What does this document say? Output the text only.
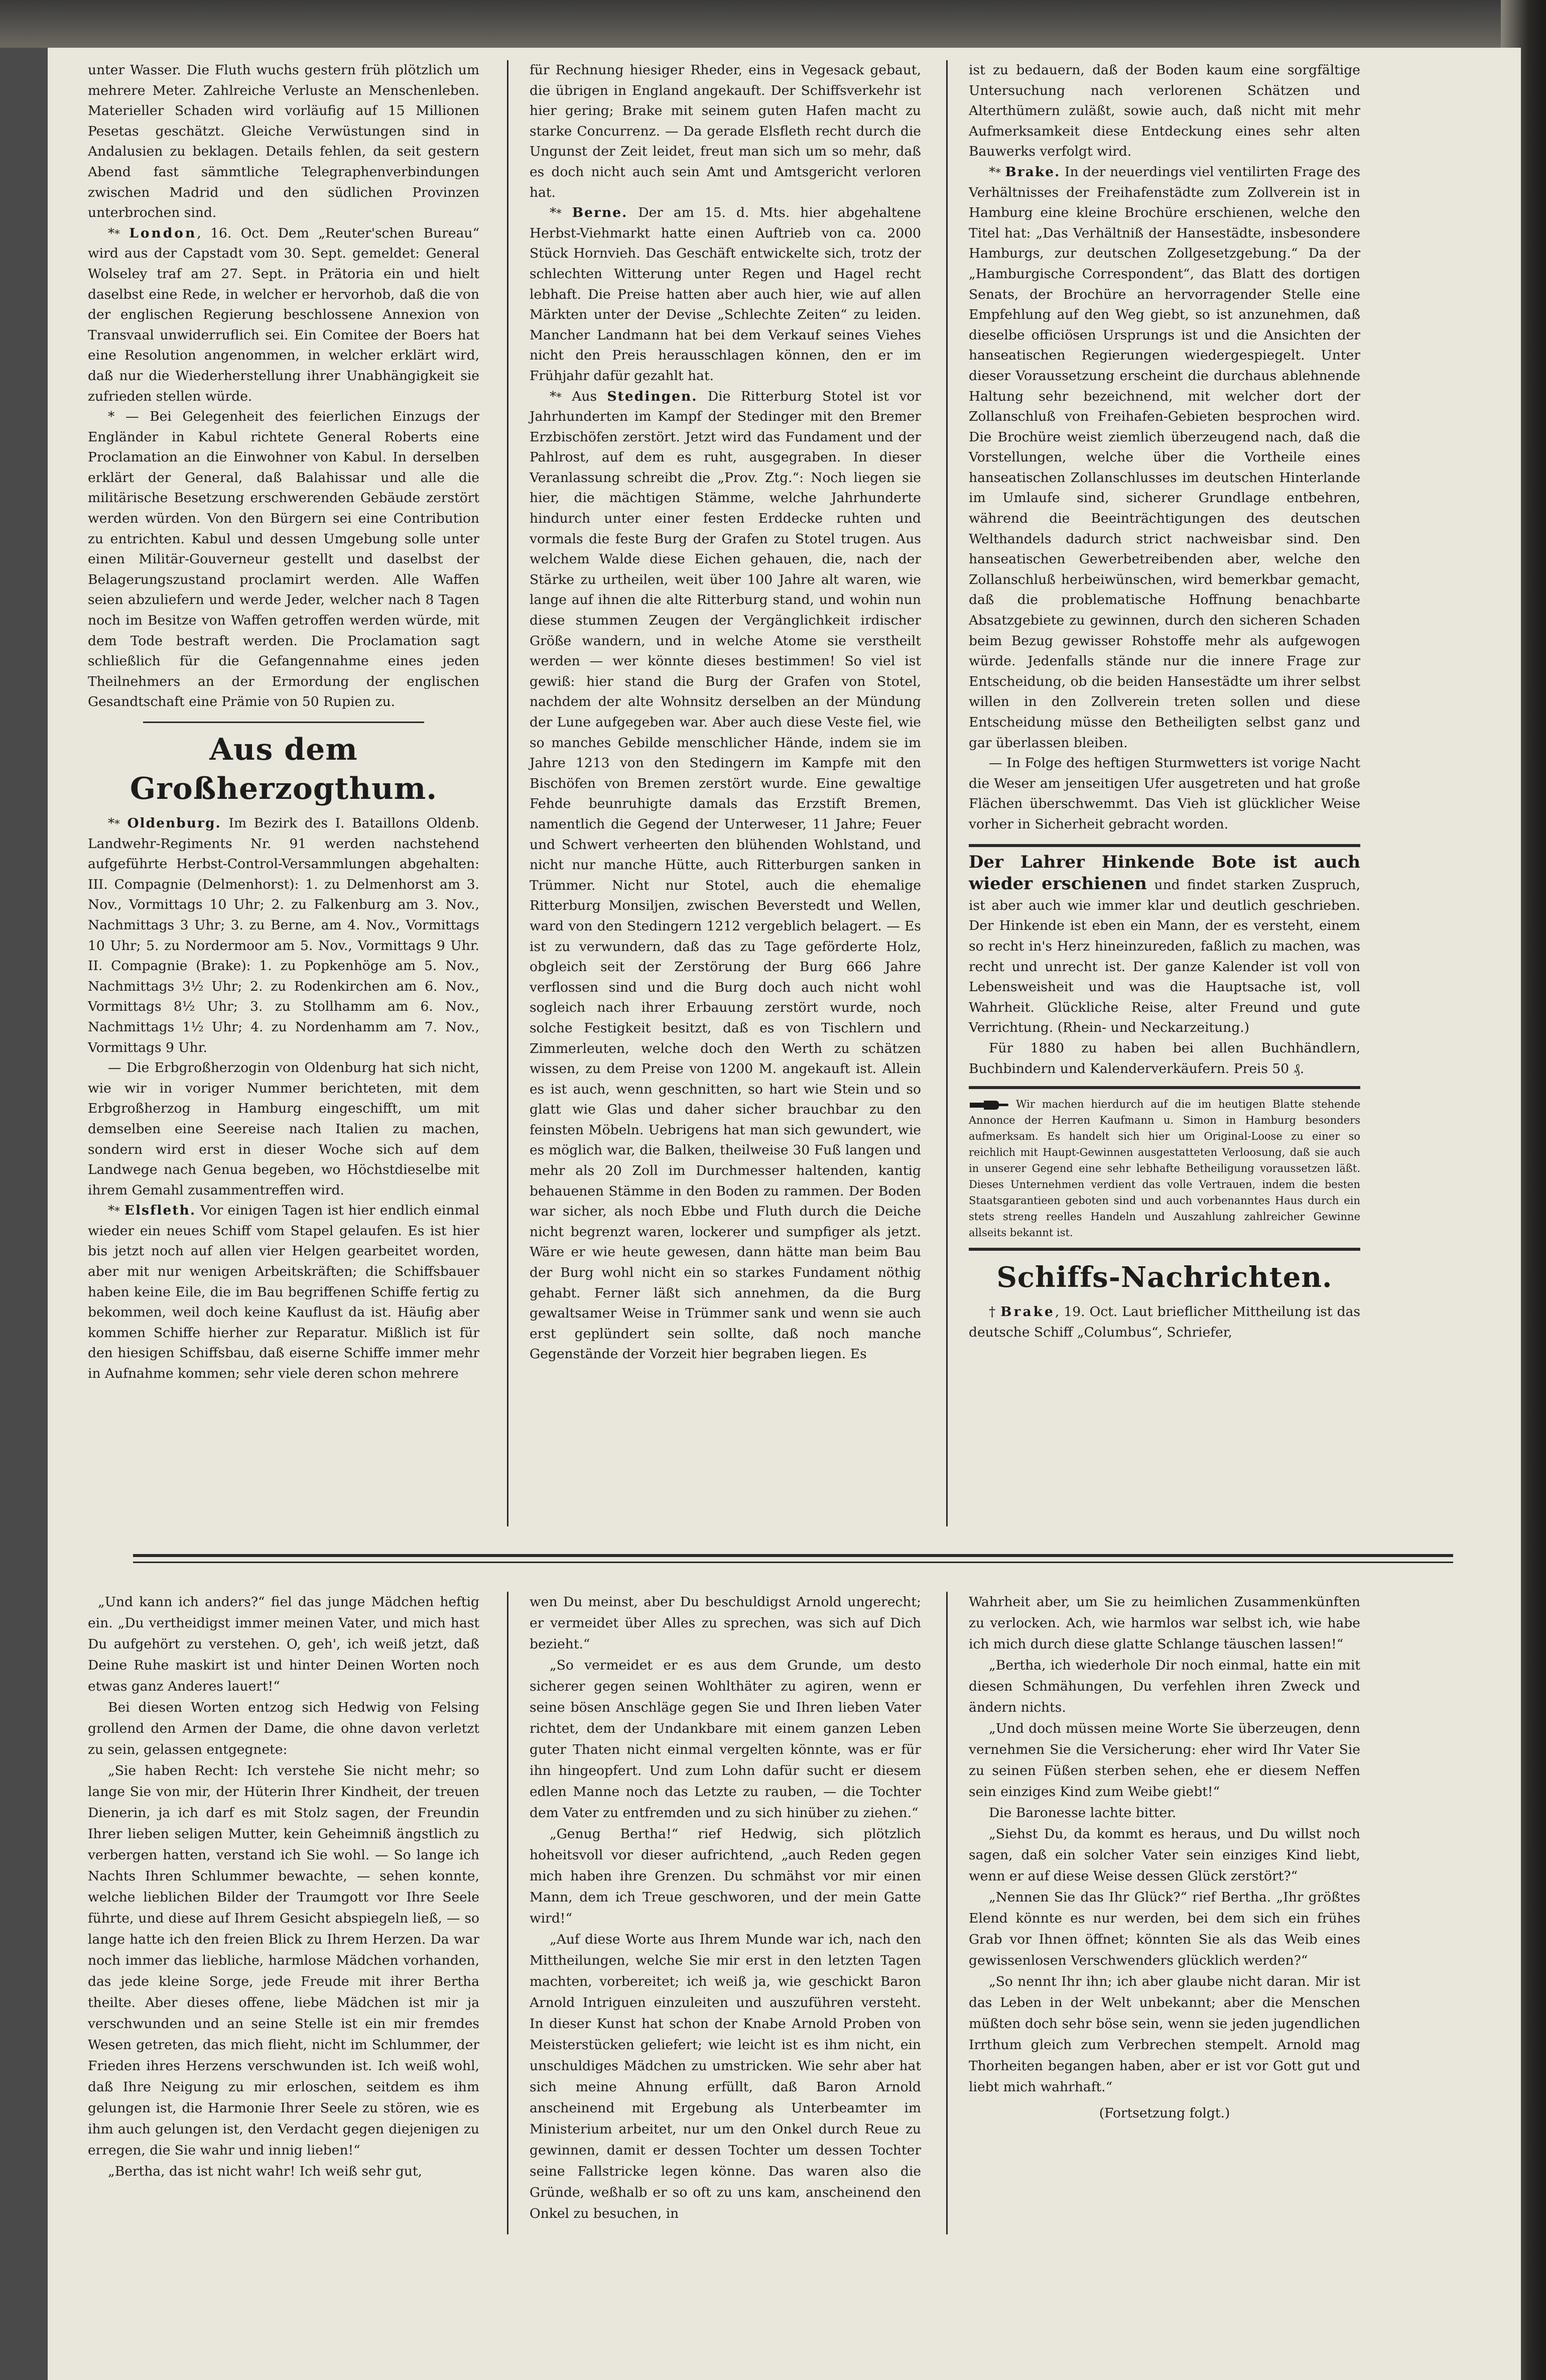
unter Wasser. Die Fluth wuchs gestern früh plötzlich um mehrere Meter. Zahlreiche Verluste an Menschenleben. Materieller Schaden wird vorläufig auf 15 Millionen Pesetas geschätzt. Gleiche Verwüstungen sind in Andalusien zu beklagen. Details fehlen, da seit gestern Abend fast sämmtliche Telegraphenverbindungen zwischen Madrid und den südlichen Provinzen unterbrochen sind.

** London, 16. Oct. Dem „Reuter'schen Bureau“ wird aus der Capstadt vom 30. Sept. gemeldet: General Wolseley traf am 27. Sept. in Prätoria ein und hielt daselbst eine Rede, in welcher er hervorhob, daß die von der englischen Regierung beschlossene Annexion von Transvaal unwiderruflich sei. Ein Comitee der Boers hat eine Resolution angenommen, in welcher erklärt wird, daß nur die Wiederherstellung ihrer Unabhängigkeit sie zufrieden stellen würde.

* — Bei Gelegenheit des feierlichen Einzugs der Engländer in Kabul richtete General Roberts eine Proclamation an die Einwohner von Kabul. In derselben erklärt der General, daß Balahissar und alle die militärische Besetzung erschwerenden Gebäude zerstört werden würden. Von den Bürgern sei eine Contribution zu entrichten. Kabul und dessen Umgebung solle unter einen Militär-Gouverneur gestellt und daselbst der Belagerungszustand proclamirt werden. Alle Waffen seien abzuliefern und werde Jeder, welcher nach 8 Tagen noch im Besitze von Waffen getroffen werden würde, mit dem Tode bestraft werden. Die Proclamation sagt schließlich für die Gefangennahme eines jeden Theilnehmers an der Ermordung der englischen Gesandtschaft eine Prämie von 50 Rupien zu.

Aus dem Großherzogthum.

** Oldenburg. Im Bezirk des I. Bataillons Oldenb. Landwehr-Regiments Nr. 91 werden nachstehend aufgeführte Herbst-Control-Versammlungen abgehalten: III. Compagnie (Delmenhorst): 1. zu Delmenhorst am 3. Nov., Vormittags 10 Uhr; 2. zu Falkenburg am 3. Nov., Nachmittags 3 Uhr; 3. zu Berne, am 4. Nov., Vormittags 10 Uhr; 5. zu Nordermoor am 5. Nov., Vormittags 9 Uhr. II. Compagnie (Brake): 1. zu Popkenhöge am 5. Nov., Nachmittags 3½ Uhr; 2. zu Rodenkirchen am 6. Nov., Vormittags 8½ Uhr; 3. zu Stollhamm am 6. Nov., Nachmittags 1½ Uhr; 4. zu Nordenhamm am 7. Nov., Vormittags 9 Uhr.

— Die Erbgroßherzogin von Oldenburg hat sich nicht, wie wir in voriger Nummer berichteten, mit dem Erbgroßherzog in Hamburg eingeschifft, um mit demselben eine Seereise nach Italien zu machen, sondern wird erst in dieser Woche sich auf dem Landwege nach Genua begeben, wo Höchstdieselbe mit ihrem Gemahl zusammentreffen wird.

** Elsfleth. Vor einigen Tagen ist hier endlich einmal wieder ein neues Schiff vom Stapel gelaufen. Es ist hier bis jetzt noch auf allen vier Helgen gearbeitet worden, aber mit nur wenigen Arbeitskräften; die Schiffsbauer haben keine Eile, die im Bau begriffenen Schiffe fertig zu bekommen, weil doch keine Kauflust da ist. Häufig aber kommen Schiffe hierher zur Reparatur. Mißlich ist für den hiesigen Schiffsbau, daß eiserne Schiffe immer mehr in Aufnahme kommen; sehr viele deren schon mehrere

für Rechnung hiesiger Rheder, eins in Vegesack gebaut, die übrigen in England angekauft. Der Schiffsverkehr ist hier gering; Brake mit seinem guten Hafen macht zu starke Concurrenz. — Da gerade Elsfleth recht durch die Ungunst der Zeit leidet, freut man sich um so mehr, daß es doch nicht auch sein Amt und Amtsgericht verloren hat.

** Berne. Der am 15. d. Mts. hier abgehaltene Herbst-Viehmarkt hatte einen Auftrieb von ca. 2000 Stück Hornvieh. Das Geschäft entwickelte sich, trotz der schlechten Witterung unter Regen und Hagel recht lebhaft. Die Preise hatten aber auch hier, wie auf allen Märkten unter der Devise „Schlechte Zeiten“ zu leiden. Mancher Landmann hat bei dem Verkauf seines Viehes nicht den Preis herausschlagen können, den er im Frühjahr dafür gezahlt hat.

** Aus Stedingen. Die Ritterburg Stotel ist vor Jahrhunderten im Kampf der Stedinger mit den Bremer Erzbischöfen zerstört. Jetzt wird das Fundament und der Pahlrost, auf dem es ruht, ausgegraben. In dieser Veranlassung schreibt die „Prov. Ztg.“: Noch liegen sie hier, die mächtigen Stämme, welche Jahrhunderte hindurch unter einer festen Erddecke ruhten und vormals die feste Burg der Grafen zu Stotel trugen. Aus welchem Walde diese Eichen gehauen, die, nach der Stärke zu urtheilen, weit über 100 Jahre alt waren, wie lange auf ihnen die alte Ritterburg stand, und wohin nun diese stummen Zeugen der Vergänglichkeit irdischer Größe wandern, und in welche Atome sie verstheilt werden — wer könnte dieses bestimmen! So viel ist gewiß: hier stand die Burg der Grafen von Stotel, nachdem der alte Wohnsitz derselben an der Mündung der Lune aufgegeben war. Aber auch diese Veste fiel, wie so manches Gebilde menschlicher Hände, indem sie im Jahre 1213 von den Stedingern im Kampfe mit den Bischöfen von Bremen zerstört wurde. Eine gewaltige Fehde beunruhigte damals das Erzstift Bremen, namentlich die Gegend der Unterweser, 11 Jahre; Feuer und Schwert verheerten den blühenden Wohlstand, und nicht nur manche Hütte, auch Ritterburgen sanken in Trümmer. Nicht nur Stotel, auch die ehemalige Ritterburg Monsiljen, zwischen Beverstedt und Wellen, ward von den Stedingern 1212 vergeblich belagert. — Es ist zu verwundern, daß das zu Tage geförderte Holz, obgleich seit der Zerstörung der Burg 666 Jahre verflossen sind und die Burg doch auch nicht wohl sogleich nach ihrer Erbauung zerstört wurde, noch solche Festigkeit besitzt, daß es von Tischlern und Zimmerleuten, welche doch den Werth zu schätzen wissen, zu dem Preise von 1200 M. angekauft ist. Allein es ist auch, wenn geschnitten, so hart wie Stein und so glatt wie Glas und daher sicher brauchbar zu den feinsten Möbeln. Uebrigens hat man sich gewundert, wie es möglich war, die Balken, theilweise 30 Fuß langen und mehr als 20 Zoll im Durchmesser haltenden, kantig behauenen Stämme in den Boden zu rammen. Der Boden war sicher, als noch Ebbe und Fluth durch die Deiche nicht begrenzt waren, lockerer und sumpfiger als jetzt. Wäre er wie heute gewesen, dann hätte man beim Bau der Burg wohl nicht ein so starkes Fundament nöthig gehabt. Ferner läßt sich annehmen, da die Burg gewaltsamer Weise in Trümmer sank und wenn sie auch erst geplündert sein sollte, daß noch manche Gegenstände der Vorzeit hier begraben liegen. Es

ist zu bedauern, daß der Boden kaum eine sorgfältige Untersuchung nach verlorenen Schätzen und Alterthümern zuläßt, sowie auch, daß nicht mit mehr Aufmerksamkeit diese Entdeckung eines sehr alten Bauwerks verfolgt wird.

** Brake. In der neuerdings viel ventilirten Frage des Verhältnisses der Freihafenstädte zum Zollverein ist in Hamburg eine kleine Brochüre erschienen, welche den Titel hat: „Das Verhältniß der Hansestädte, insbesondere Hamburgs, zur deutschen Zollgesetzgebung.“ Da der „Hamburgische Correspondent“, das Blatt des dortigen Senats, der Brochüre an hervorragender Stelle eine Empfehlung auf den Weg giebt, so ist anzunehmen, daß dieselbe officiösen Ursprungs ist und die Ansichten der hanseatischen Regierungen wiedergespiegelt. Unter dieser Voraussetzung erscheint die durchaus ablehnende Haltung sehr bezeichnend, mit welcher dort der Zollanschluß von Freihafen-Gebieten besprochen wird. Die Brochüre weist ziemlich überzeugend nach, daß die Vorstellungen, welche über die Vortheile eines hanseatischen Zollanschlusses im deutschen Hinterlande im Umlaufe sind, sicherer Grundlage entbehren, während die Beeinträchtigungen des deutschen Welthandels dadurch strict nachweisbar sind. Den hanseatischen Gewerbetreibenden aber, welche den Zollanschluß herbeiwünschen, wird bemerkbar gemacht, daß die problematische Hoffnung benachbarte Absatzgebiete zu gewinnen, durch den sicheren Schaden beim Bezug gewisser Rohstoffe mehr als aufgewogen würde. Jedenfalls stände nur die innere Frage zur Entscheidung, ob die beiden Hansestädte um ihrer selbst willen in den Zollverein treten sollen und diese Entscheidung müsse den Betheiligten selbst ganz und gar überlassen bleiben.

— In Folge des heftigen Sturmwetters ist vorige Nacht die Weser am jenseitigen Ufer ausgetreten und hat große Flächen überschwemmt. Das Vieh ist glücklicher Weise vorher in Sicherheit gebracht worden.

Der Lahrer Hinkende Bote ist auch wieder erschienen und findet starken Zuspruch, ist aber auch wie immer klar und deutlich geschrieben. Der Hinkende ist eben ein Mann, der es versteht, einem so recht in's Herz hineinzureden, faßlich zu machen, was recht und unrecht ist. Der ganze Kalender ist voll von Lebensweisheit und was die Hauptsache ist, voll Wahrheit. Glückliche Reise, alter Freund und gute Verrichtung. (Rhein- und Neckarzeitung.)

Für 1880 zu haben bei allen Buchhändlern, Buchbindern und Kalenderverkäufern. Preis 50 ₰.

Wir machen hierdurch auf die im heutigen Blatte stehende Annonce der Herren Kaufmann u. Simon in Hamburg besonders aufmerksam. Es handelt sich hier um Original-Loose zu einer so reichlich mit Haupt-Gewinnen ausgestatteten Verloosung, daß sie auch in unserer Gegend eine sehr lebhafte Betheiligung voraussetzen läßt. Dieses Unternehmen verdient das volle Vertrauen, indem die besten Staatsgarantieen geboten sind und auch vorbenanntes Haus durch ein stets streng reelles Handeln und Auszahlung zahlreicher Gewinne allseits bekannt ist.

Schiffs-Nachrichten.

† Brake, 19. Oct. Laut brieflicher Mittheilung ist das deutsche Schiff „Columbus“, Schriefer,

„Und kann ich anders?“ fiel das junge Mädchen heftig ein. „Du vertheidigst immer meinen Vater, und mich hast Du aufgehört zu verstehen. O, geh', ich weiß jetzt, daß Deine Ruhe maskirt ist und hinter Deinen Worten noch etwas ganz Anderes lauert!“

Bei diesen Worten entzog sich Hedwig von Felsing grollend den Armen der Dame, die ohne davon verletzt zu sein, gelassen entgegnete:

„Sie haben Recht: Ich verstehe Sie nicht mehr; so lange Sie von mir, der Hüterin Ihrer Kindheit, der treuen Dienerin, ja ich darf es mit Stolz sagen, der Freundin Ihrer lieben seligen Mutter, kein Geheimniß ängstlich zu verbergen hatten, verstand ich Sie wohl. — So lange ich Nachts Ihren Schlummer bewachte, — sehen konnte, welche lieblichen Bilder der Traumgott vor Ihre Seele führte, und diese auf Ihrem Gesicht abspiegeln ließ, — so lange hatte ich den freien Blick zu Ihrem Herzen. Da war noch immer das liebliche, harmlose Mädchen vorhanden, das jede kleine Sorge, jede Freude mit ihrer Bertha theilte. Aber dieses offene, liebe Mädchen ist mir ja verschwunden und an seine Stelle ist ein mir fremdes Wesen getreten, das mich flieht, nicht im Schlummer, der Frieden ihres Herzens verschwunden ist. Ich weiß wohl, daß Ihre Neigung zu mir erloschen, seitdem es ihm gelungen ist, die Harmonie Ihrer Seele zu stören, wie es ihm auch gelungen ist, den Verdacht gegen diejenigen zu erregen, die Sie wahr und innig lieben!“

„Bertha, das ist nicht wahr! Ich weiß sehr gut,

wen Du meinst, aber Du beschuldigst Arnold ungerecht; er vermeidet über Alles zu sprechen, was sich auf Dich bezieht.“

„So vermeidet er es aus dem Grunde, um desto sicherer gegen seinen Wohlthäter zu agiren, wenn er seine bösen Anschläge gegen Sie und Ihren lieben Vater richtet, dem der Undankbare mit einem ganzen Leben guter Thaten nicht einmal vergelten könnte, was er für ihn hingeopfert. Und zum Lohn dafür sucht er diesem edlen Manne noch das Letzte zu rauben, — die Tochter dem Vater zu entfremden und zu sich hinüber zu ziehen.“

„Genug Bertha!“ rief Hedwig, sich plötzlich hoheitsvoll vor dieser aufrichtend, „auch Reden gegen mich haben ihre Grenzen. Du schmähst vor mir einen Mann, dem ich Treue geschworen, und der mein Gatte wird!“

„Auf diese Worte aus Ihrem Munde war ich, nach den Mittheilungen, welche Sie mir erst in den letzten Tagen machten, vorbereitet; ich weiß ja, wie geschickt Baron Arnold Intriguen einzuleiten und auszuführen versteht. In dieser Kunst hat schon der Knabe Arnold Proben von Meisterstücken geliefert; wie leicht ist es ihm nicht, ein unschuldiges Mädchen zu umstricken. Wie sehr aber hat sich meine Ahnung erfüllt, daß Baron Arnold anscheinend mit Ergebung als Unterbeamter im Ministerium arbeitet, nur um den Onkel durch Reue zu gewinnen, damit er dessen Tochter um dessen Tochter seine Fallstricke legen könne. Das waren also die Gründe, weßhalb er so oft zu uns kam, anscheinend den Onkel zu besuchen, in

Wahrheit aber, um Sie zu heimlichen Zusammenkünften zu verlocken. Ach, wie harmlos war selbst ich, wie habe ich mich durch diese glatte Schlange täuschen lassen!“

„Bertha, ich wiederhole Dir noch einmal, hatte ein mit diesen Schmähungen, Du verfehlen ihren Zweck und ändern nichts.

„Und doch müssen meine Worte Sie überzeugen, denn vernehmen Sie die Versicherung: eher wird Ihr Vater Sie zu seinen Füßen sterben sehen, ehe er diesem Neffen sein einziges Kind zum Weibe giebt!“

Die Baronesse lachte bitter.

„Siehst Du, da kommt es heraus, und Du willst noch sagen, daß ein solcher Vater sein einziges Kind liebt, wenn er auf diese Weise dessen Glück zerstört?“

„Nennen Sie das Ihr Glück?“ rief Bertha. „Ihr größtes Elend könnte es nur werden, bei dem sich ein frühes Grab vor Ihnen öffnet; könnten Sie als das Weib eines gewissenlosen Verschwenders glücklich werden?“

„So nennt Ihr ihn; ich aber glaube nicht daran. Mir ist das Leben in der Welt unbekannt; aber die Menschen müßten doch sehr böse sein, wenn sie jeden jugendlichen Irrthum gleich zum Verbrechen stempelt. Arnold mag Thorheiten begangen haben, aber er ist vor Gott gut und liebt mich wahrhaft.“

(Fortsetzung folgt.)
